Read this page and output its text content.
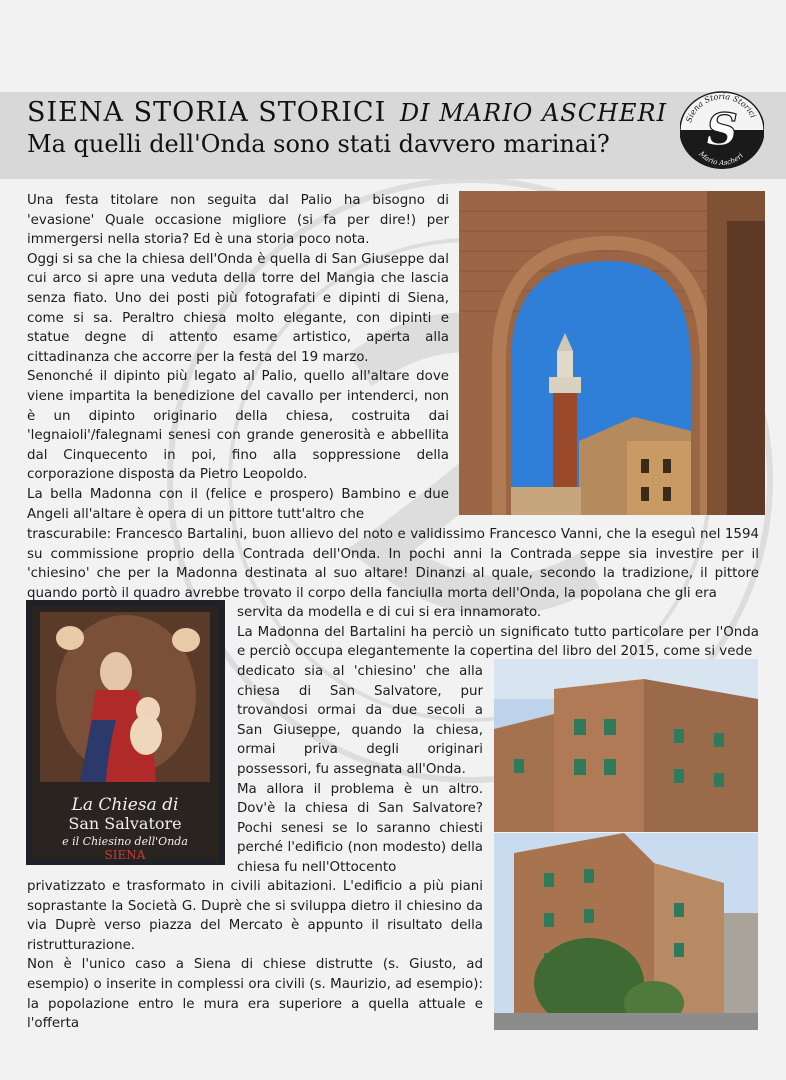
SIENA STORIA STORICI DI MARIO ASCHERI
Ma quelli dell'Onda sono stati davvero marinai?
Siena Storia Storici
Mario Ascheri
S
La Chiesa di
San Salvatore
e il Chiesino dell'Onda
SIENA

Una festa titolare non seguita dal Palio ha bisogno di 'evasione' Quale occasione migliore (si fa per dire!) per immergersi nella storia? Ed è una storia poco nota.

Oggi si sa che la chiesa dell'Onda è quella di San Giuseppe dal cui arco si apre una veduta della torre del Mangia che lascia senza fiato. Uno dei posti più fotografati e dipinti di Siena, come si sa. Peraltro chiesa molto elegante, con dipinti e statue degne di attento esame artistico, aperta alla cittadinanza che accorre per la festa del 19 marzo.

Senonché il dipinto più legato al Palio, quello all'altare dove viene impartita la benedizione del cavallo per intenderci, non è un dipinto originario della chiesa, costruita dai 'legnaioli'/falegnami senesi con grande generosità e abbellita dal Cinquecento in poi, fino alla soppressione della corporazione disposta da Pietro Leopoldo.

La bella Madonna con il (felice e prospero) Bambino e due Angeli all'altare è opera di un pittore tutt'altro che

trascurabile: Francesco Bartalini, buon allievo del noto e validissimo Francesco Vanni, che la eseguì nel 1594 su commissione proprio della Contrada dell'Onda. In pochi anni la Contrada seppe sia investire per il 'chiesino' che per la Madonna destinata al suo altare! Dinanzi al quale, secondo la tradizione, il pittore quando portò il quadro avrebbe trovato il corpo della fanciulla morta dell'Onda, la popolana che gli era

servita da modella e di cui si era innamorato.

La Madonna del Bartalini ha perciò un significato tutto particolare per l'Onda e perciò occupa elegantemente la copertina del libro del 2015, come si vede

dedicato sia al 'chiesino' che alla chiesa di San Salvatore, pur trovandosi ormai da due secoli a San Giuseppe, quando la chiesa, ormai priva degli originari possessori, fu assegnata all'Onda.

Ma allora il problema è un altro. Dov'è la chiesa di San Salvatore? Pochi senesi se lo saranno chiesti perché l'edificio (non modesto) della chiesa fu nell'Ottocento

privatizzato e trasformato in civili abitazioni. L'edificio a più piani soprastante la Società G. Duprè che si sviluppa dietro il chiesino da via Duprè verso piazza del Mercato è appunto il risultato della ristrutturazione.

Non è l'unico caso a Siena di chiese distrutte (s. Giusto, ad esempio) o inserite in complessi ora civili (s. Maurizio, ad esempio): la popolazione entro le mura era superiore a quella attuale e l'offerta
